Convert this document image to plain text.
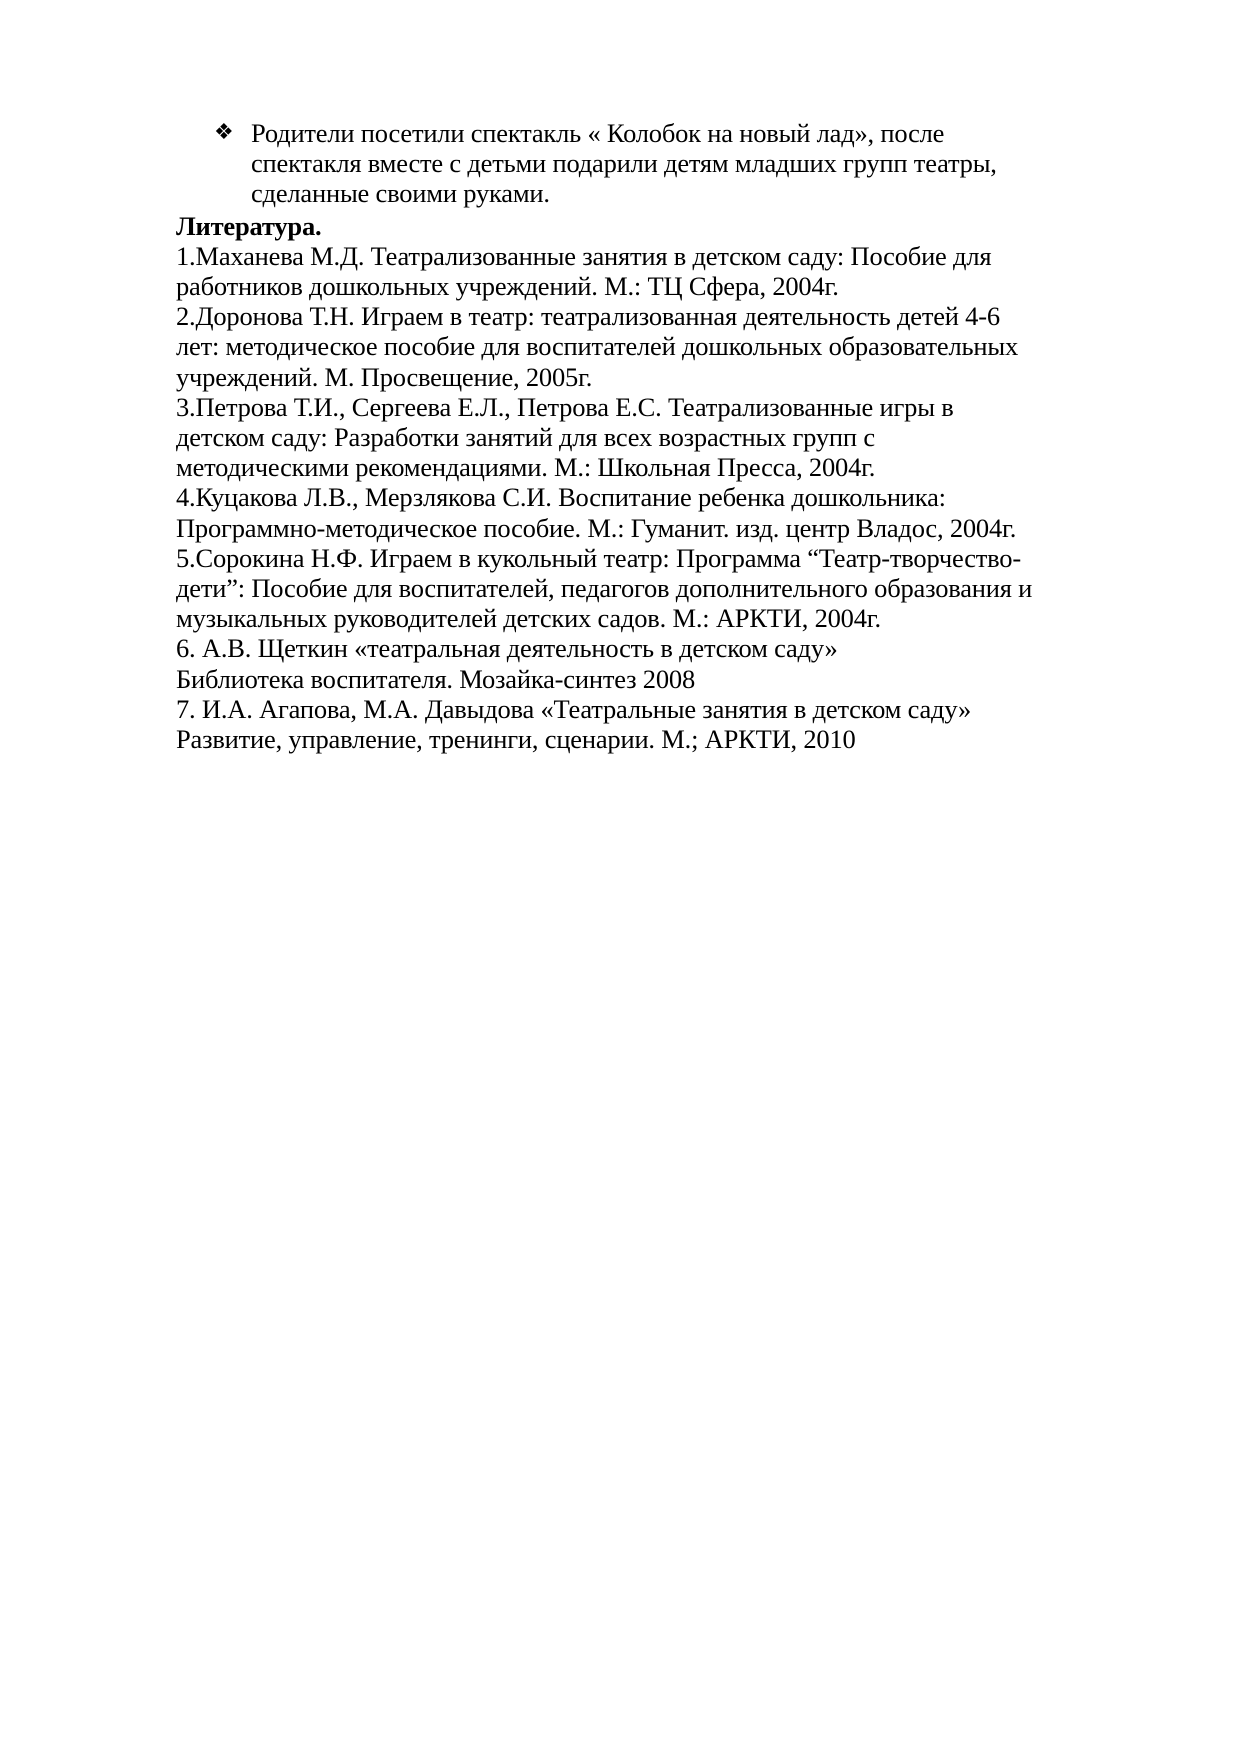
❖ Родители посетили спектакль « Колобок на новый лад», после
спектакля вместе с детьми подарили детям младших групп театры,
сделанные своими руками.
Литература.

1.Маханева М.Д. Театрализованные занятия в детском саду: Пособие для
работников дошкольных учреждений. М.: ТЦ Сфера, 2004г.

2.Доронова Т.Н. Играем в театр: театрализованная деятельность детей 4-6
лет: методическое пособие для воспитателей дошкольных образовательных
учреждений. М. Просвещение, 2005г.

3.Петрова Т.И., Сергеева Е.Л., Петрова Е.С. Театрализованные игры в
детском саду: Разработки занятий для всех возрастных групп с
методическими рекомендациями. М.: Школьная Пресса, 2004г.

4.Куцакова Л.В., Мерзлякова С.И. Воспитание ребенка дошкольника:
Программно-методическое пособие. М.: Гуманит. изд. центр Владос, 2004г.

5.Сорокина Н.Ф. Играем в кукольный театр: Программа “Театр-творчество-
дети”: Пособие для воспитателей, педагогов дополнительного образования и
музыкальных руководителей детских садов. М.: АРКТИ, 2004г.

6. А.В. Щеткин «театральная деятельность в детском саду»
Библиотека воспитателя. Мозайка-синтез 2008

7. И.А. Агапова, М.А. Давыдова «Театральные занятия в детском саду»
Развитие, управление, тренинги, сценарии. М.; АРКТИ, 2010
